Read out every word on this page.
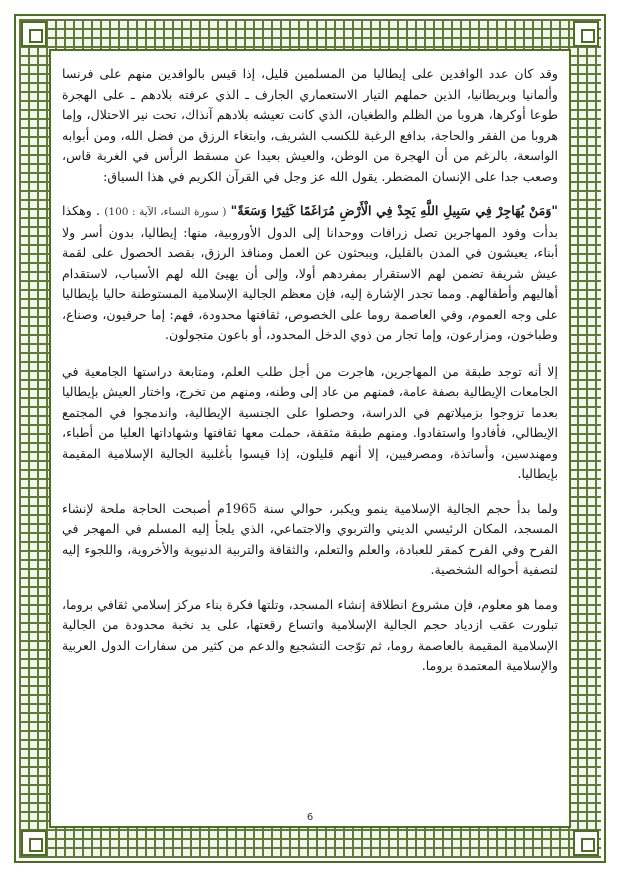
وقد كان عدد الوافدين على إيطاليا من المسلمين قليل، إذا قيس بالوافدين منهم على فرنسا وألمانيا وبريطانيا، الذين حملهم التيار الاستعماري الجارف ـ الذي عرفته بلادهم ـ على الهجرة طوعا أوكرها، هروبا من الظلم والطغيان، الذي كانت تعيشه بلادهم آنذاك، تحت نير الاحتلال، وإما هروبا من الفقر والحاجة، بدافع الرغبة للكسب الشريف، وابتغاء الرزق من فضل الله، ومن أبوابه الواسعة، بالرغم من أن الهجرة من الوطن، والعيش بعيدا عن مسقط الرأس في الغربة قاس، وصعب جدا على الإنسان المضطر. يقول الله عز وجل في القرآن الكريم في هذا السياق:

"وَمَنْ يُهَاجِرْ فِي سَبِيلِ اللَّهِ يَجِدْ فِي الْأَرْضِ مُرَاغَمًا كَثِيرًا وَسَعَةً" ( سورة النساء، الآية : 100) . وهكذا بدأت وفود المهاجرين تصل زرافات ووحدانا إلى الدول الأوروبية، منها: إيطاليا، بدون أسر ولا أبناء، يعيشون في المدن بالقليل، ويبحثون عن العمل ومنافذ الرزق، بقصد الحصول على لقمة عيش شريفة تضمن لهم الاستقرار بمفردهم أولا، وإلى أن يهيئ الله لهم الأسباب، لاستقدام أهاليهم وأطفالهم. ومما تجدر الإشارة إليه، فإن معظم الجالية الإسلامية المستوطنة حاليا بإيطاليا على وجه العموم، وفي العاصمة روما على الخصوص، ثقافتها محدودة، فهم: إما حرفيون، وصناع، وطباخون، ومزارعون، وإما تجار من ذوي الدخل المحدود، أو باعون متجولون.

إلا أنه توجد طبقة من المهاجرين، هاجرت من أجل طلب العلم، ومتابعة دراستها الجامعية في الجامعات الإيطالية بصفة عامة، فمنهم من عاد إلى وطنه، ومنهم من تخرج، واختار العيش بإيطاليا بعدما تزوجوا بزميلاتهم في الدراسة، وحصلوا على الجنسية الإيطالية، واندمجوا في المجتمع الإيطالي، فأفادوا واستفادوا. ومنهم طبقة مثقفة، حملت معها ثقافتها وشهاداتها العليا من أطباء، ومهندسين، وأساتذة، ومصرفيين، إلا أنهم قليلون، إذا قيسوا بأغلبية الجالية الإسلامية المقيمة بإيطاليا.

ولما بدأ حجم الجالية الإسلامية ينمو ويكبر، حوالي سنة 1965م أصبحت الحاجة ملحة لإنشاء المسجد، المكان الرئيسي الديني والتربوي والاجتماعي، الذي يلجأ إليه المسلم في المهجر في الفرح وفي الفرح كمقر للعبادة، والعلم والتعلم، والثقافة والتربية الدنيوية والأخروية، واللجوء إليه لتصفية أحواله الشخصية.

ومما هو معلوم، فإن مشروع انطلاقة إنشاء المسجد، وتلتها فكرة بناء مركز إسلامي ثقافي بروما، تبلورت عقب ازدياد حجم الجالية الإسلامية واتساع رقعتها، على يد نخبة محدودة من الجالية الإسلامية المقيمة بالعاصمة روما، ثم توّجت التشجيع والدعم من كثير من سفارات الدول العربية والإسلامية المعتمدة بروما.

6
